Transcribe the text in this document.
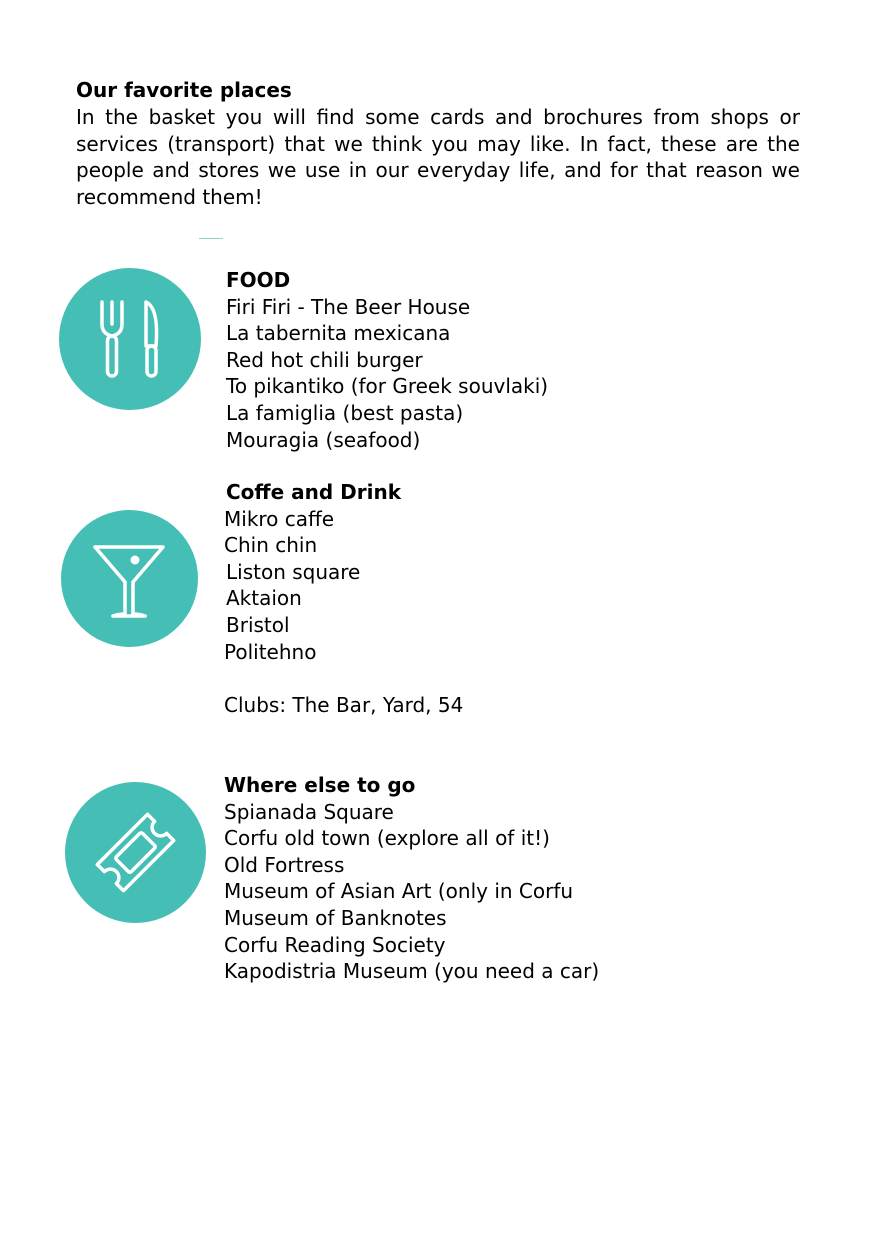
Our favorite places

In the basket you will find some cards and brochures from shops or services (transport) that we think you may like. In fact, these are the people and stores we use in our everyday life, and for that reason we recommend them!

FOOD
Firi Firi - The Beer House
La tabernita mexicana
Red hot chili burger
To pikantiko (for Greek souvlaki)
La famiglia (best pasta)
Mouragia (seafood)
Coffe and Drink
Mikro caffe
Chin chin
Liston square
Aktaion
Bristol
Politehno
Clubs: The Bar, Yard, 54
Where else to go
Spianada Square
Corfu old town (explore all of it!)
Old Fortress
Museum of Asian Art (only in Corfu
Museum of Banknotes
Corfu Reading Society
Kapodistria Museum (you need a car)
